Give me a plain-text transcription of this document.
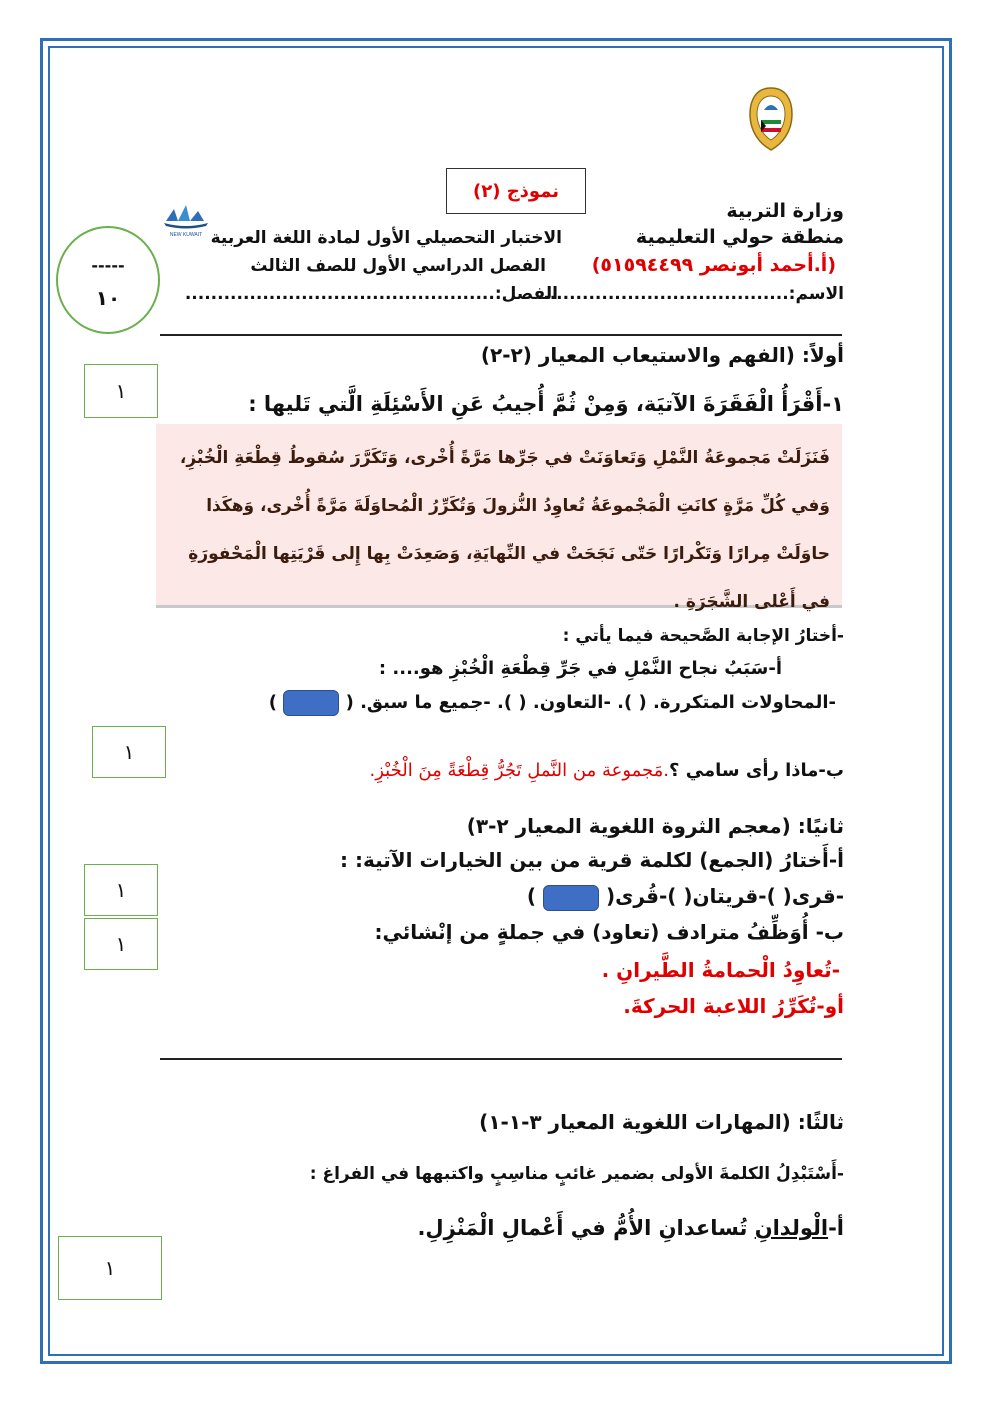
NEW KUWAIT
نموذج (٢)
وزارة التربية
منطقة حولي التعليمية
(أ.أحمد أبونصر ٥١٥٩٤٤٩٩)
الاسم:.......................................
الاختبار التحصيلي الأول لمادة اللغة العربية
الفصل الدراسي الأول للصف الثالث
الفصل:................................................
-----
١٠
أولاً: (الفهم والاستيعاب المعيار (٢-٢)
١
١-أَقْرَأُ الْفَقَرَةَ الآتيَة، وَمِنْ ثُمَّ أُجيبُ عَنِ الأَسْئِلَةِ الَّتي تَليها :
فَنَزَلَتْ مَجموعَةُ النَّمْلِ وَتَعاوَنَتْ في جَرِّها مَرَّةً أُخْرى، وَتَكَرَّرَ سُقوطُ قِطْعَةِ الْخُبْزِ، وَفي كُلِّ مَرَّةٍ كانَتِ الْمَجْموعَةُ تُعاوِدُ النُّزولَ وَتُكَرِّرُ الْمُحاوَلَةَ مَرَّةً أُخْرى، وَهكَذا حاوَلَتْ مِرارًا وَتَكْرارًا حَتّى نَجَحَتْ في النِّهايَةِ، وَصَعِدَتْ بِها إِلى قَرْيَتِها الْمَحْفورَةِ في أَعْلى الشَّجَرَةِ .
-أختارُ الإجابة الصَّحيحة فيما يأتي :
أ-سَبَبُ نجاح النَّمْلِ في جَرِّ قِطْعَةِ الْخُبْزِ هو.... :
-المحاولات المتكررة. ( ). -التعاون. ( ). -جميع ما سبق. (  )
١
ب-ماذا رأى سامي ؟.مَجموعة من النَّملِ تَجُرُّ قِطْعَةً مِنَ الْخُبْزِ.
ثانيًا: (معجم الثروة اللغوية المعيار ٢-٣)
أ-أَختارُ (الجمع) لكلمة قرية من بين الخيارات الآتية: :
١	-قرى( )-قريتان( )-قُرى(  )
١	ب- أُوَظِّفُ مترادف (تعاود) في جملةٍ من إنْشائي:
-تُعاوِدُ الْحمامةُ الطَّيرانِ .
أو-تُكَرِّرُ اللاعبة الحركةَ.
ثالثًا: (المهارات اللغوية المعيار ٣-١-١)
-أَسْتَبْدِلُ الكلمةَ الأولى بضمير غائبٍ مناسِبٍ واكتبهها في الفراغ :
أ-الْولدانِ تُساعدانِ الأُمُّ في أَعْمالِ الْمَنْزِلِ.
١
